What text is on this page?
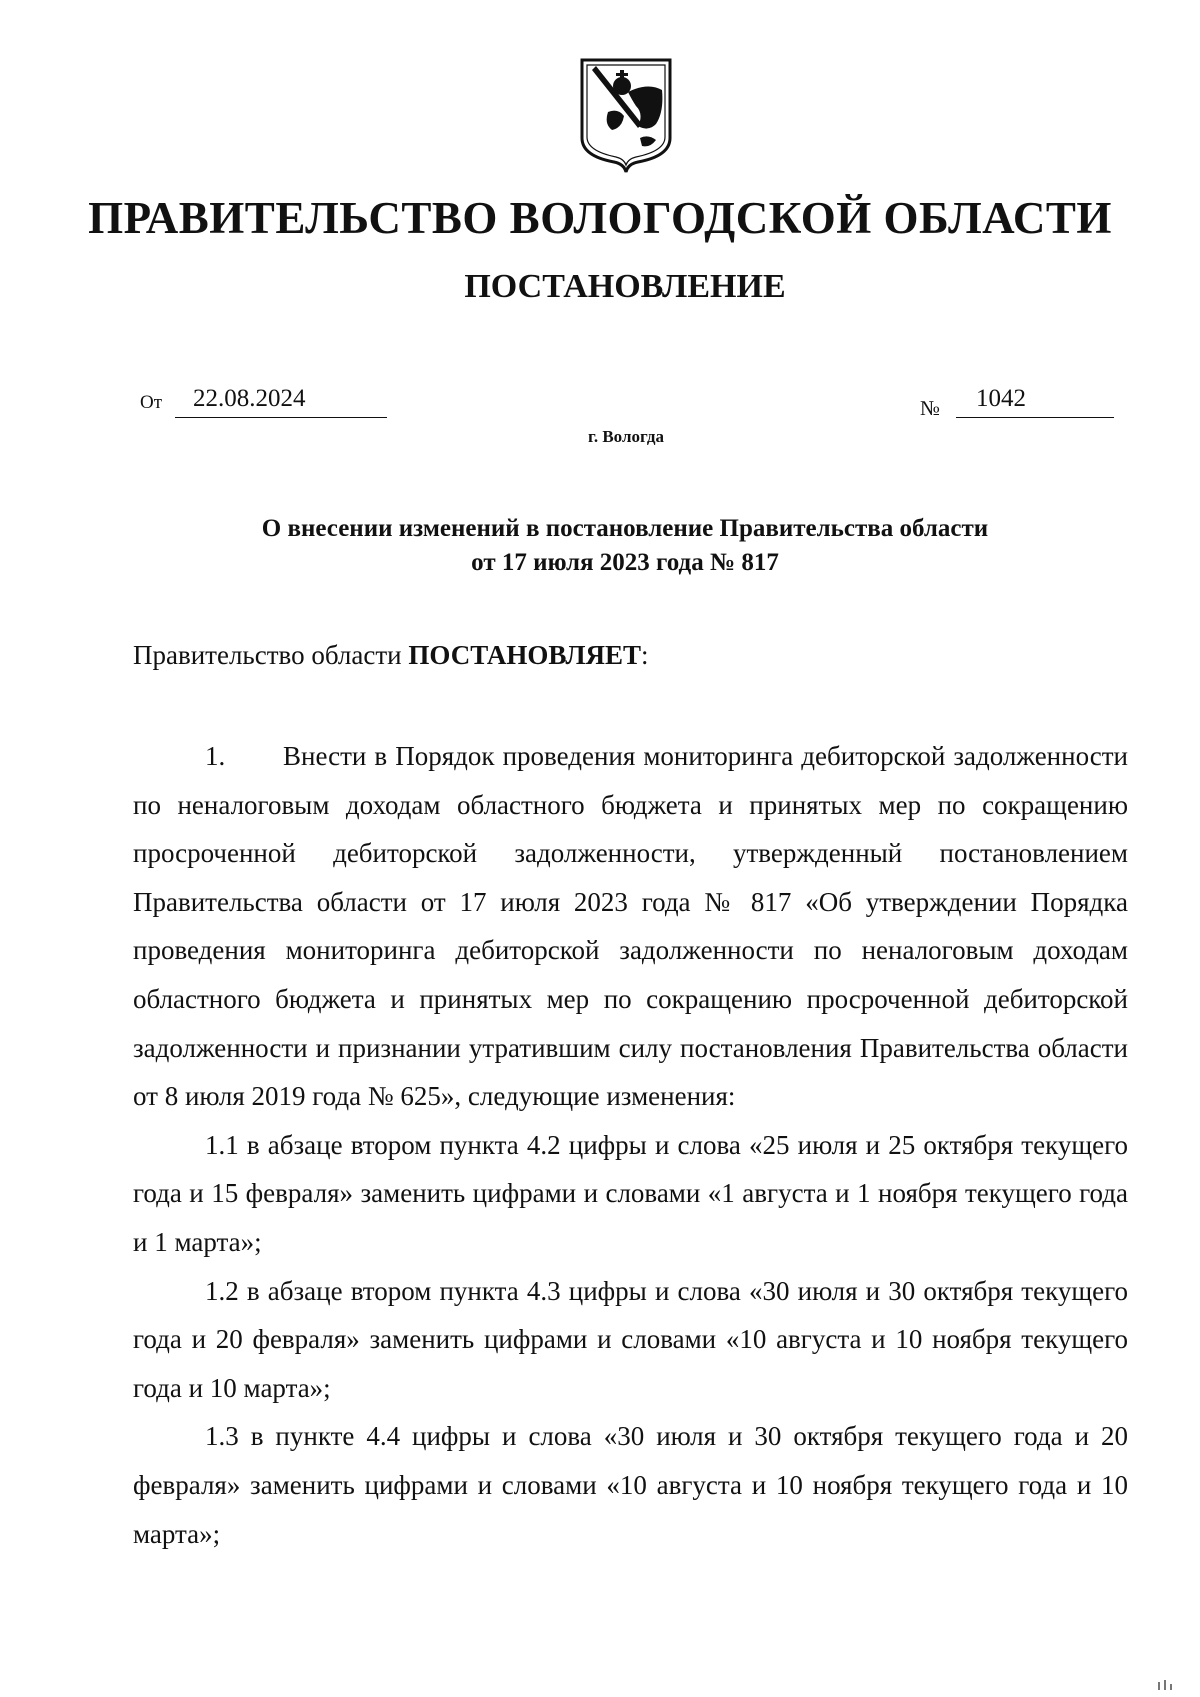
ПРАВИТЕЛЬСТВО ВОЛОГОДСКОЙ ОБЛАСТИ
ПОСТАНОВЛЕНИЕ
От	22.08.2024	№	1042
г. Вологда
О внесении изменений в постановление Правительства области
от 17 июля 2023 года № 817
Правительство области ПОСТАНОВЛЯЕТ:

1. Внести в Порядок проведения мониторинга дебиторской задолженности по неналоговым доходам областного бюджета и принятых мер по сокращению просроченной дебиторской задолженности, утвержденный постановлением Правительства области от 17 июля 2023 года № 817 «Об утверждении Порядка проведения мониторинга дебиторской задолженности по неналоговым доходам областного бюджета и принятых мер по сокращению просроченной дебиторской задолженности и признании утратившим силу постановления Правительства области от 8 июля 2019 года № 625», следующие изменения:

1.1 в абзаце втором пункта 4.2 цифры и слова «25 июля и 25 октября текущего года и 15 февраля» заменить цифрами и словами «1 августа и 1 ноября текущего года и 1 марта»;

1.2 в абзаце втором пункта 4.3 цифры и слова «30 июля и 30 октября текущего года и 20 февраля» заменить цифрами и словами «10 августа и 10 ноября текущего года и 10 марта»;

1.3 в пункте 4.4 цифры и слова «30 июля и 30 октября текущего года и 20 февраля» заменить цифрами и словами «10 августа и 10 ноября текущего года и 10 марта»;
